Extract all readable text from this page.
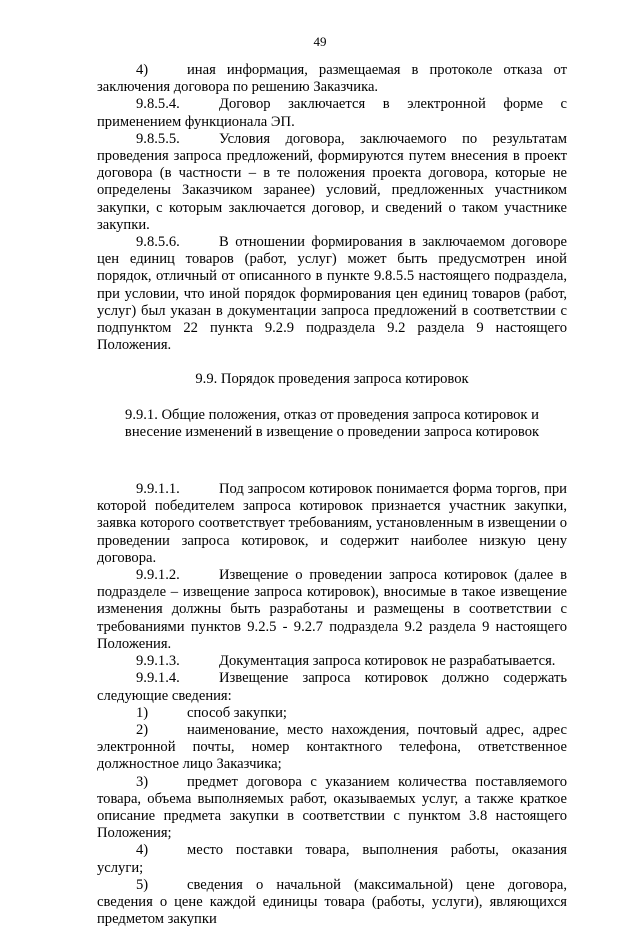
49

4)	иная информация, размещаемая в протоколе отказа от заключения договора по решению Заказчика.

9.8.5.4.	Договор заключается в электронной форме с применением функционала ЭП.

9.8.5.5.	Условия договора, заключаемого по результатам проведения запроса предложений, формируются путем внесения в проект договора (в частности – в те положения проекта договора, которые не определены Заказчиком заранее) условий, предложенных участником закупки, с которым заключается договор, и сведений о таком участнике закупки.

9.8.5.6.	В отношении формирования в заключаемом договоре цен единиц товаров (работ, услуг) может быть предусмотрен иной порядок, отличный от описанного в пункте 9.8.5.5 настоящего подраздела, при условии, что иной порядок формирования цен единиц товаров (работ, услуг) был указан в документации запроса предложений в соответствии с подпунктом 22 пункта 9.2.9 подраздела 9.2 раздела 9 настоящего Положения.

9.9. Порядок проведения запроса котировок

9.9.1. Общие положения, отказ от проведения запроса котировок и внесение изменений в извещение о проведении запроса котировок

9.9.1.1.	Под запросом котировок понимается форма торгов, при которой победителем запроса котировок признается участник закупки, заявка которого соответствует требованиям, установленным в извещении о проведении запроса котировок, и содержит наиболее низкую цену договора.

9.9.1.2.	Извещение о проведении запроса котировок (далее в подразделе – извещение запроса котировок), вносимые в такое извещение изменения должны быть разработаны и размещены в соответствии с требованиями пунктов 9.2.5 - 9.2.7 подраздела 9.2 раздела 9 настоящего Положения.

9.9.1.3.	Документация запроса котировок не разрабатывается.

9.9.1.4.	Извещение запроса котировок должно содержать следующие сведения:

1)	способ закупки;

2)	наименование, место нахождения, почтовый адрес, адрес электронной почты, номер контактного телефона, ответственное должностное лицо Заказчика;

3)	предмет договора с указанием количества поставляемого товара, объема выполняемых работ, оказываемых услуг, а также краткое описание предмета закупки в соответствии с пунктом 3.8 настоящего Положения;

4)	место поставки товара, выполнения работы, оказания услуги;

5)	сведения о начальной (максимальной) цене договора, сведения о цене каждой единицы товара (работы, услуги), являющихся предметом закупки
